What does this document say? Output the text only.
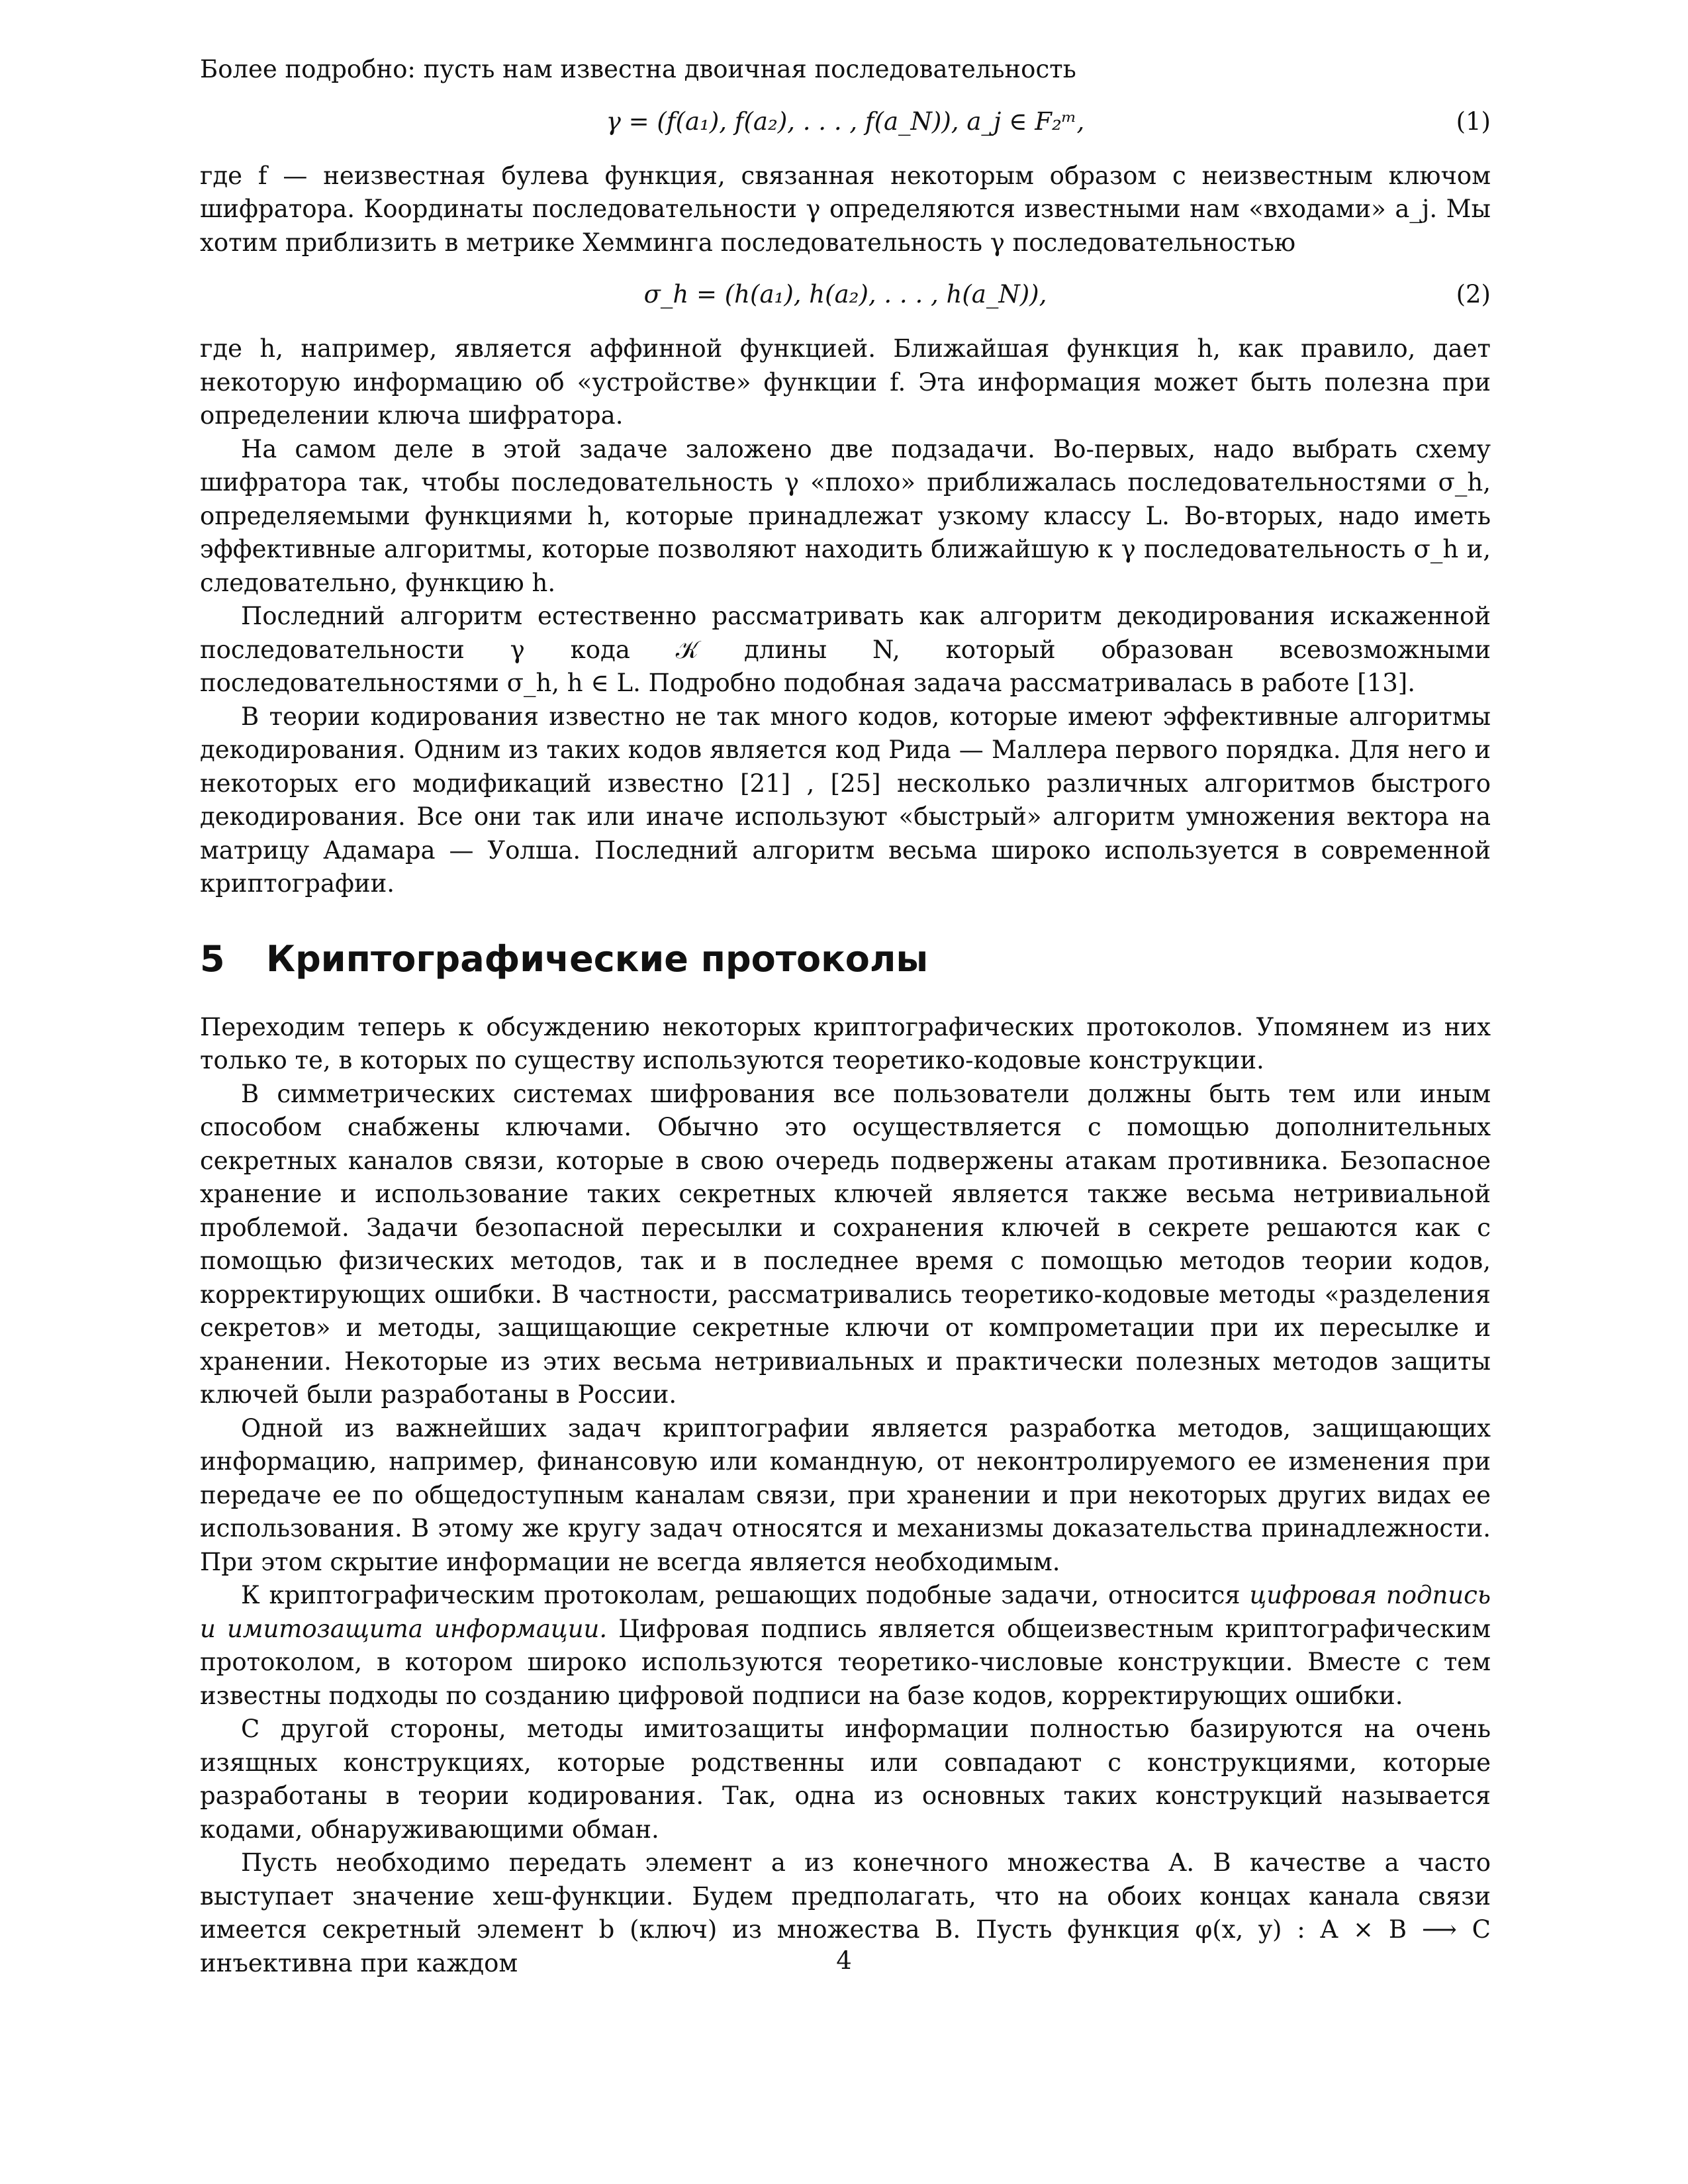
Более подробно: пусть нам известна двоичная последовательность

γ = (f(a₁), f(a₂), . . . , f(a_N)), a_j ∈ F₂ᵐ,	(1)

где f — неизвестная булева функция, связанная некоторым образом с неизвестным ключом шифратора. Координаты последовательности γ определяются известными нам «входами» a_j. Мы хотим приблизить в метрике Хемминга последовательность γ последовательностью

σ_h = (h(a₁), h(a₂), . . . , h(a_N)),	(2)

где h, например, является аффинной функцией. Ближайшая функция h, как правило, дает некоторую информацию об «устройстве» функции f. Эта информация может быть полезна при определении ключа шифратора.

На самом деле в этой задаче заложено две подзадачи. Во-первых, надо выбрать схему шифратора так, чтобы последовательность γ «плохо» приближалась последовательностями σ_h, определяемыми функциями h, которые принадлежат узкому классу L. Во-вторых, надо иметь эффективные алгоритмы, которые позволяют находить ближайшую к γ последовательность σ_h и, следовательно, функцию h.

Последний алгоритм естественно рассматривать как алгоритм декодирования искаженной последовательности γ кода 𝒦 длины N, который образован всевозможными последовательностями σ_h, h ∈ L. Подробно подобная задача рассматривалась в работе [13].

В теории кодирования известно не так много кодов, которые имеют эффективные алгоритмы декодирования. Одним из таких кодов является код Рида — Маллера первого порядка. Для него и некоторых его модификаций известно [21] , [25] несколько различных алгоритмов быстрого декодирования. Все они так или иначе используют «быстрый» алгоритм умножения вектора на матрицу Адамара — Уолша. Последний алгоритм весьма широко используется в современной криптографии.

5 Криптографические протоколы

Переходим теперь к обсуждению некоторых криптографических протоколов. Упомянем из них только те, в которых по существу используются теоретико-кодовые конструкции.

В симметрических системах шифрования все пользователи должны быть тем или иным способом снабжены ключами. Обычно это осуществляется с помощью дополнительных секретных каналов связи, которые в свою очередь подвержены атакам противника. Безопасное хранение и использование таких секретных ключей является также весьма нетривиальной проблемой. Задачи безопасной пересылки и сохранения ключей в секрете решаются как с помощью физических методов, так и в последнее время с помощью методов теории кодов, корректирующих ошибки. В частности, рассматривались теоретико-кодовые методы «разделения секретов» и методы, защищающие секретные ключи от компрометации при их пересылке и хранении. Некоторые из этих весьма нетривиальных и практически полезных методов защиты ключей были разработаны в России.

Одной из важнейших задач криптографии является разработка методов, защищающих информацию, например, финансовую или командную, от неконтролируемого ее изменения при передаче ее по общедоступным каналам связи, при хранении и при некоторых других видах ее использования. В этому же кругу задач относятся и механизмы доказательства принадлежности. При этом скрытие информации не всегда является необходимым.

К криптографическим протоколам, решающих подобные задачи, относится цифровая подпись и имитозащита информации. Цифровая подпись является общеизвестным криптографическим протоколом, в котором широко используются теоретико-числовые конструкции. Вместе с тем известны подходы по созданию цифровой подписи на базе кодов, корректирующих ошибки.

С другой стороны, методы имитозащиты информации полностью базируются на очень изящных конструкциях, которые родственны или совпадают с конструкциями, которые разработаны в теории кодирования. Так, одна из основных таких конструкций называется кодами, обнаруживающими обман.

Пусть необходимо передать элемент a из конечного множества A. В качестве a часто выступает значение хеш-функции. Будем предполагать, что на обоих концах канала связи имеется секретный элемент b (ключ) из множества B. Пусть функция φ(x, y) : A × B ⟶ C инъективна при каждом	4
